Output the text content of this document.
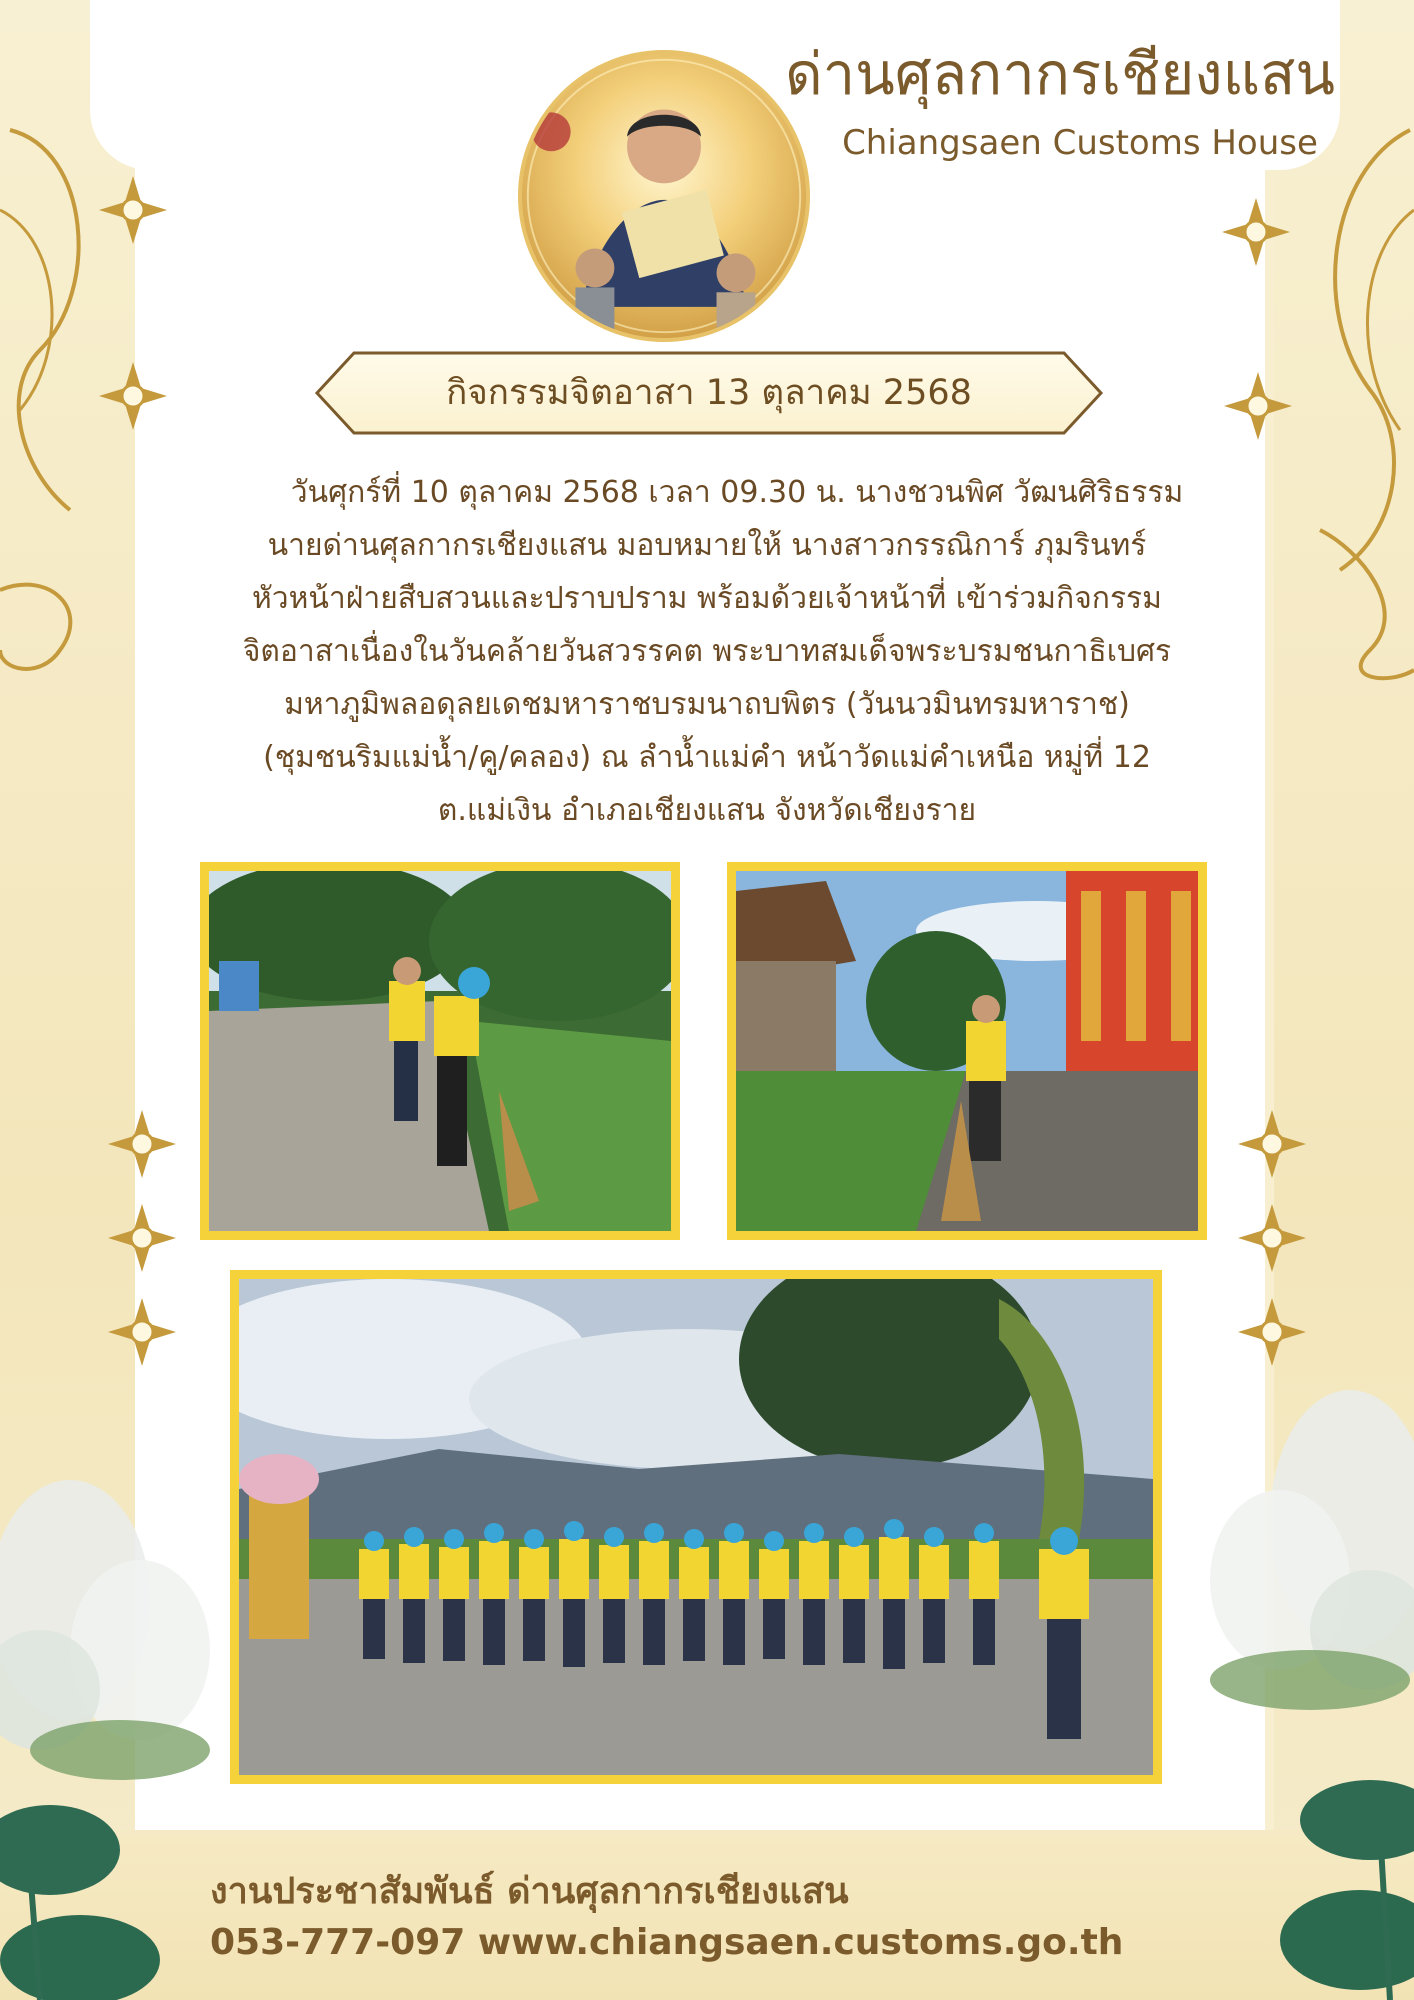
ด่านศุลกากรเชียงแสน
Chiangsaen Customs House
กิจกรรมจิตอาสา 13 ตุลาคม 2568
วันศุกร์ที่ 10 ตุลาคม 2568 เวลา 09.30 น. นางชวนพิศ วัฒนศิริธรรม
นายด่านศุลกากรเชียงแสน มอบหมายให้ นางสาวกรรณิการ์ ภุมรินทร์
หัวหน้าฝ่ายสืบสวนและปราบปราม พร้อมด้วยเจ้าหน้าที่ เข้าร่วมกิจกรรม
จิตอาสาเนื่องในวันคล้ายวันสวรรคต พระบาทสมเด็จพระบรมชนกาธิเบศร
มหาภูมิพลอดุลยเดชมหาราชบรมนาถบพิตร (วันนวมินทรมหาราช)
(ชุมชนริมแม่น้ำ/คู/คลอง) ณ ลำน้ำแม่คำ หน้าวัดแม่คำเหนือ หมู่ที่ 12
ต.แม่เงิน อำเภอเชียงแสน จังหวัดเชียงราย
งานประชาสัมพันธ์ ด่านศุลกากรเชียงแสน
053-777-097 www.chiangsaen.customs.go.th
